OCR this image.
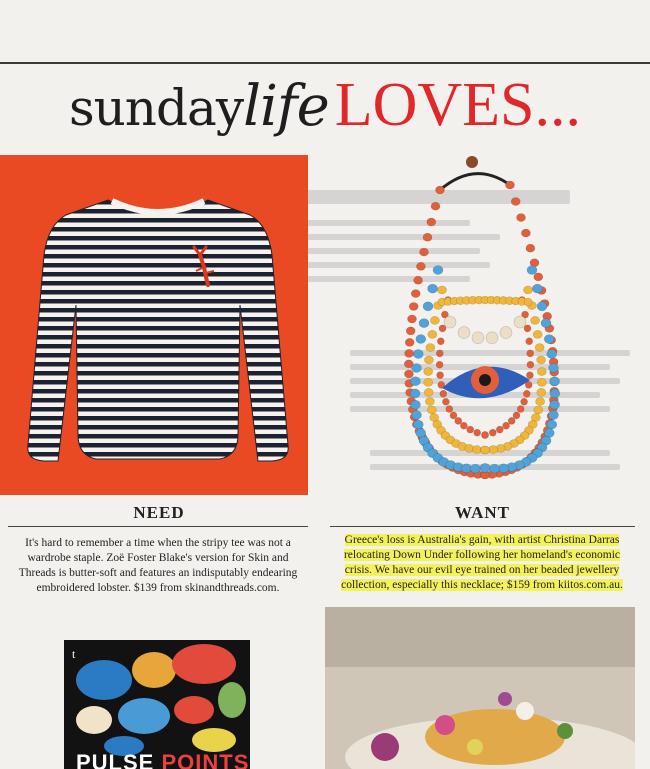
sundaylifeLOVES...
NEED	WANT
It's hard to remember a time when the stripy tee was not a wardrobe staple. Zoë Foster Blake's version for Skin and Threads is butter-soft and features an indisputably endearing embroidered lobster. $139 from skinandthreads.com.
Greece's loss is Australia's gain, with artist Christina Darras relocating Down Under following her homeland's economic crisis. We have our evil eye trained on her beaded jewellery collection, especially this necklace; $159 from kiitos.com.au.
t
PULSE POINTS
